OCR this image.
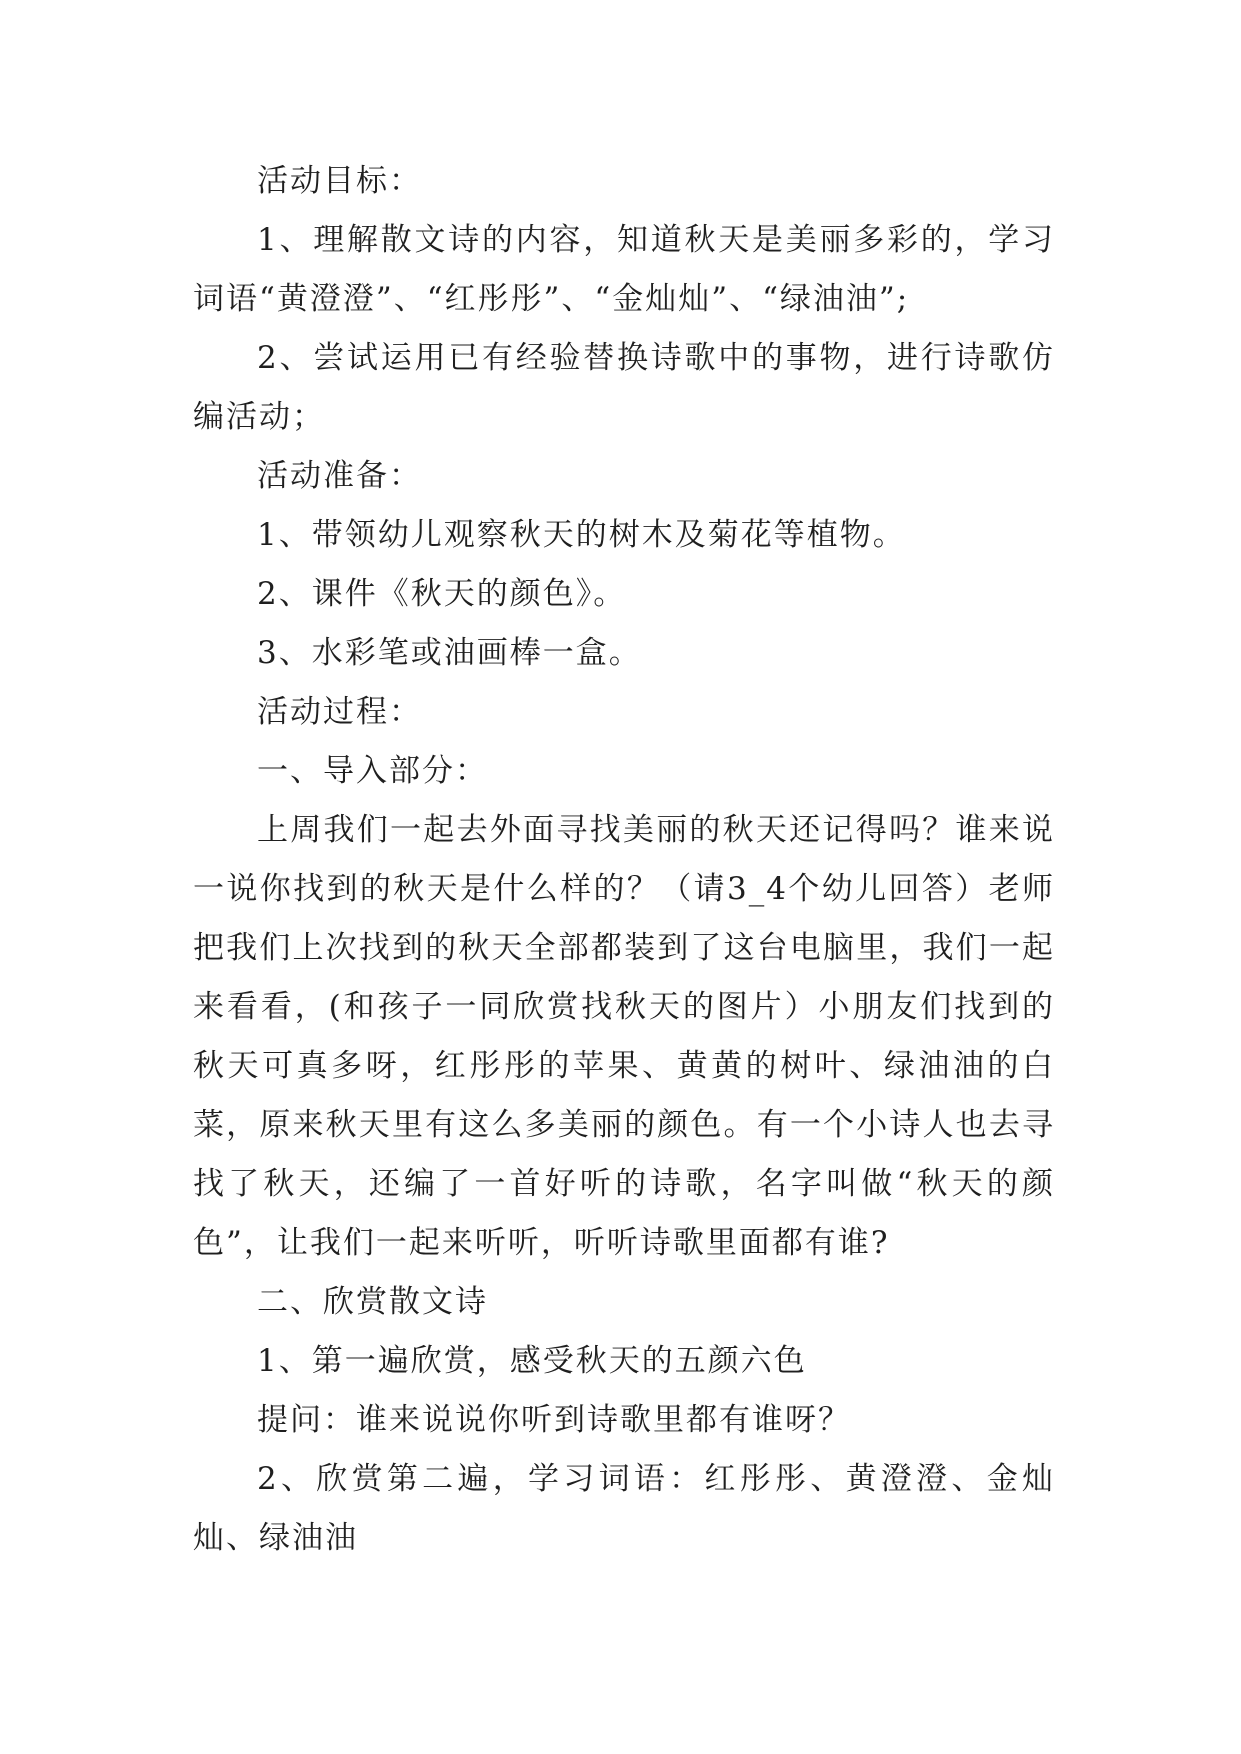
活动目标：

1、理解散文诗的内容，知道秋天是美丽多彩的，学习词语“黄澄澄”、“红彤彤”、“金灿灿”、“绿油油”;

2、尝试运用已有经验替换诗歌中的事物，进行诗歌仿编活动；

活动准备：

1、带领幼儿观察秋天的树木及菊花等植物。

2、课件《秋天的颜色》。

3、水彩笔或油画棒一盒。

活动过程：

一、导入部分：

上周我们一起去外面寻找美丽的秋天还记得吗？谁来说一说你找到的秋天是什么样的？（请3_4个幼儿回答）老师把我们上次找到的秋天全部都装到了这台电脑里，我们一起来看看，(和孩子一同欣赏找秋天的图片）小朋友们找到的秋天可真多呀，红彤彤的苹果、黄黄的树叶、绿油油的白菜，原来秋天里有这么多美丽的颜色。有一个小诗人也去寻找了秋天，还编了一首好听的诗歌，名字叫做“秋天的颜色”，让我们一起来听听，听听诗歌里面都有谁?

二、欣赏散文诗

1、第一遍欣赏，感受秋天的五颜六色

提问：谁来说说你听到诗歌里都有谁呀？

2、欣赏第二遍，学习词语：红彤彤、黄澄澄、金灿灿、绿油油
